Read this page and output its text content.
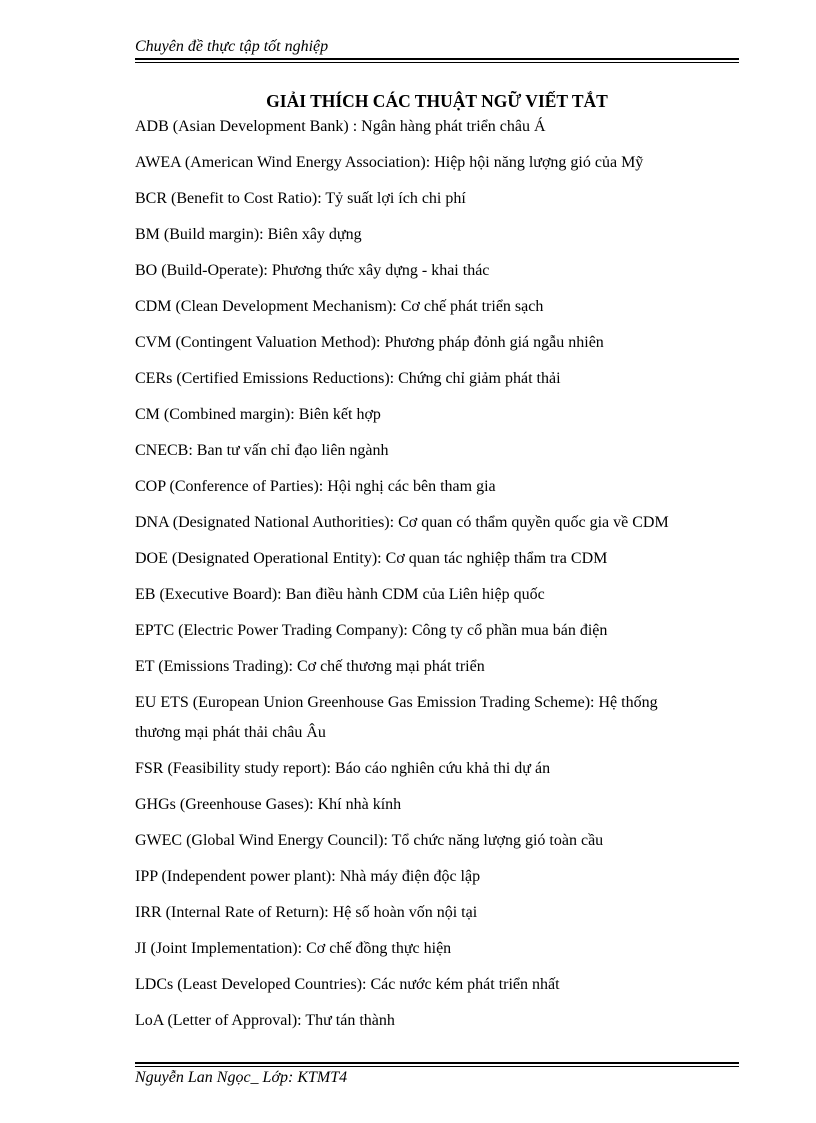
Chuyên đề thực tập tốt nghiệp
GIẢI THÍCH CÁC THUẬT NGỮ VIẾT TẮT
ADB (Asian Development Bank) : Ngân hàng phát triển châu Á
AWEA (American Wind Energy Association): Hiệp hội năng lượng gió của Mỹ
BCR (Benefit to Cost Ratio): Tỷ suất lợi ích chi phí
BM (Build margin): Biên xây dựng
BO (Build-Operate): Phương thức xây dựng - khai thác
CDM (Clean Development Mechanism): Cơ chế phát triển sạch
CVM (Contingent Valuation Method): Phương pháp đỏnh giá ngẫu nhiên
CERs (Certified Emissions Reductions): Chứng chỉ giảm phát thải
CM (Combined margin): Biên kết hợp
CNECB: Ban tư vấn chỉ đạo liên ngành
COP (Conference of Parties): Hội nghị các bên tham gia
DNA (Designated National Authorities): Cơ quan có thẩm quyền quốc gia về CDM
DOE (Designated Operational Entity): Cơ quan tác nghiệp thẩm tra CDM
EB (Executive Board): Ban điều hành CDM của Liên hiệp quốc
EPTC (Electric Power Trading Company): Công ty cổ phần mua bán điện
ET (Emissions Trading): Cơ chế thương mại phát triển
EU ETS (European Union Greenhouse Gas Emission Trading Scheme): Hệ thống
thương mại phát thải châu Âu
FSR (Feasibility study report): Báo cáo nghiên cứu khả thi dự án
GHGs (Greenhouse Gases): Khí nhà kính
GWEC (Global Wind Energy Council): Tổ chức năng lượng gió toàn cầu
IPP (Independent power plant): Nhà máy điện độc lập
IRR (Internal Rate of Return): Hệ số hoàn vốn nội tại
JI (Joint Implementation): Cơ chế đồng thực hiện
LDCs (Least Developed Countries): Các nước kém phát triển nhất
LoA (Letter of Approval): Thư tán thành
Nguyễn Lan Ngọc_ Lớp: KTMT4
